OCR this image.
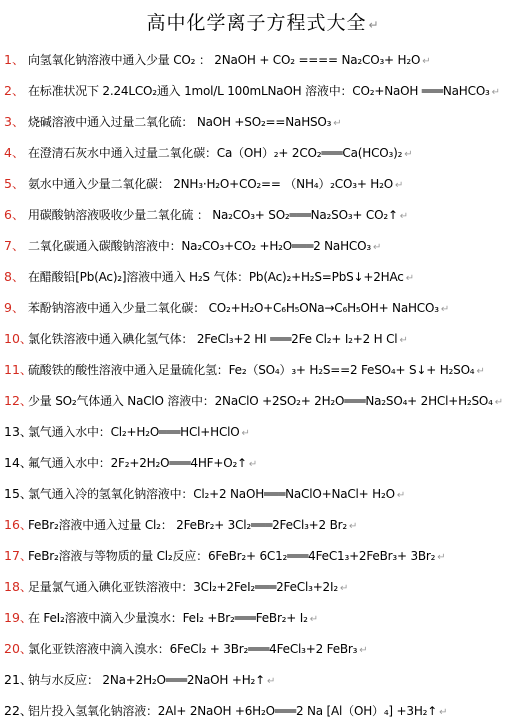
高中化学离子方程式大全 ↵
1、 向氢氧化钠溶液中通入少量 CO₂ ： 2NaOH + CO₂ ==== Na₂CO₃+ H₂O ↵
2、 在标准状况下 2.24LCO₂通入 1mol/L 100mLNaOH 溶液中：CO₂+NaOH ═══NaHCO₃ ↵
3、 烧碱溶液中通入过量二氧化硫： NaOH +SO₂==NaHSO₃ ↵
4、 在澄清石灰水中通入过量二氧化碳：Ca（OH）₂+ 2CO₂═══Ca(HCO₃)₂ ↵
5、 氨水中通入少量二氧化碳： 2NH₃·H₂O+CO₂== （NH₄）₂CO₃+ H₂O ↵
6、 用碳酸钠溶液吸收少量二氧化硫 ： Na₂CO₃+ SO₂═══Na₂SO₃+ CO₂↑ ↵
7、 二氧化碳通入碳酸钠溶液中：Na₂CO₃+CO₂ +H₂O═══2 NaHCO₃ ↵
8、 在醋酸铅[Pb(Ac)₂]溶液中通入 H₂S 气体：Pb(Ac)₂+H₂S=PbS↓+2HAc ↵
9、 苯酚钠溶液中通入少量二氧化碳： CO₂+H₂O+C₆H₅ONa→C₆H₅OH+ NaHCO₃ ↵
10、氯化铁溶液中通入碘化氢气体： 2FeCl₃+2 HI ═══2Fe Cl₂+ I₂+2 H Cl ↵
11、硫酸铁的酸性溶液中通入足量硫化氢：Fe₂（SO₄）₃+ H₂S==2 FeSO₄+ S↓+ H₂SO₄ ↵
12、少量 SO₂气体通入 NaClO 溶液中：2NaClO +2SO₂+ 2H₂O═══Na₂SO₄+ 2HCl+H₂SO₄ ↵
13、氯气通入水中：Cl₂+H₂O═══HCl+HClO ↵
14、氟气通入水中：2F₂+2H₂O═══4HF+O₂↑ ↵
15、氯气通入冷的氢氧化钠溶液中：Cl₂+2 NaOH═══NaClO+NaCl+ H₂O ↵
16、FeBr₂溶液中通入过量 Cl₂： 2FeBr₂+ 3Cl₂═══2FeCl₃+2 Br₂ ↵
17、FeBr₂溶液与等物质的量 Cl₂反应：6FeBr₂+ 6C1₂═══4FeC1₃+2FeBr₃+ 3Br₂ ↵
18、足量氯气通入碘化亚铁溶液中：3Cl₂+2FeI₂═══2FeCl₃+2I₂ ↵
19、在 FeI₂溶液中滴入少量溴水：FeI₂ +Br₂═══FeBr₂+ I₂ ↵
20、氯化亚铁溶液中滴入溴水：6FeCl₂ + 3Br₂═══4FeCl₃+2 FeBr₃ ↵
21、钠与水反应： 2Na+2H₂O═══2NaOH +H₂↑ ↵
22、铝片投入氢氧化钠溶液：2Al+ 2NaOH +6H₂O═══2 Na [Al（OH）₄] +3H₂↑ ↵
